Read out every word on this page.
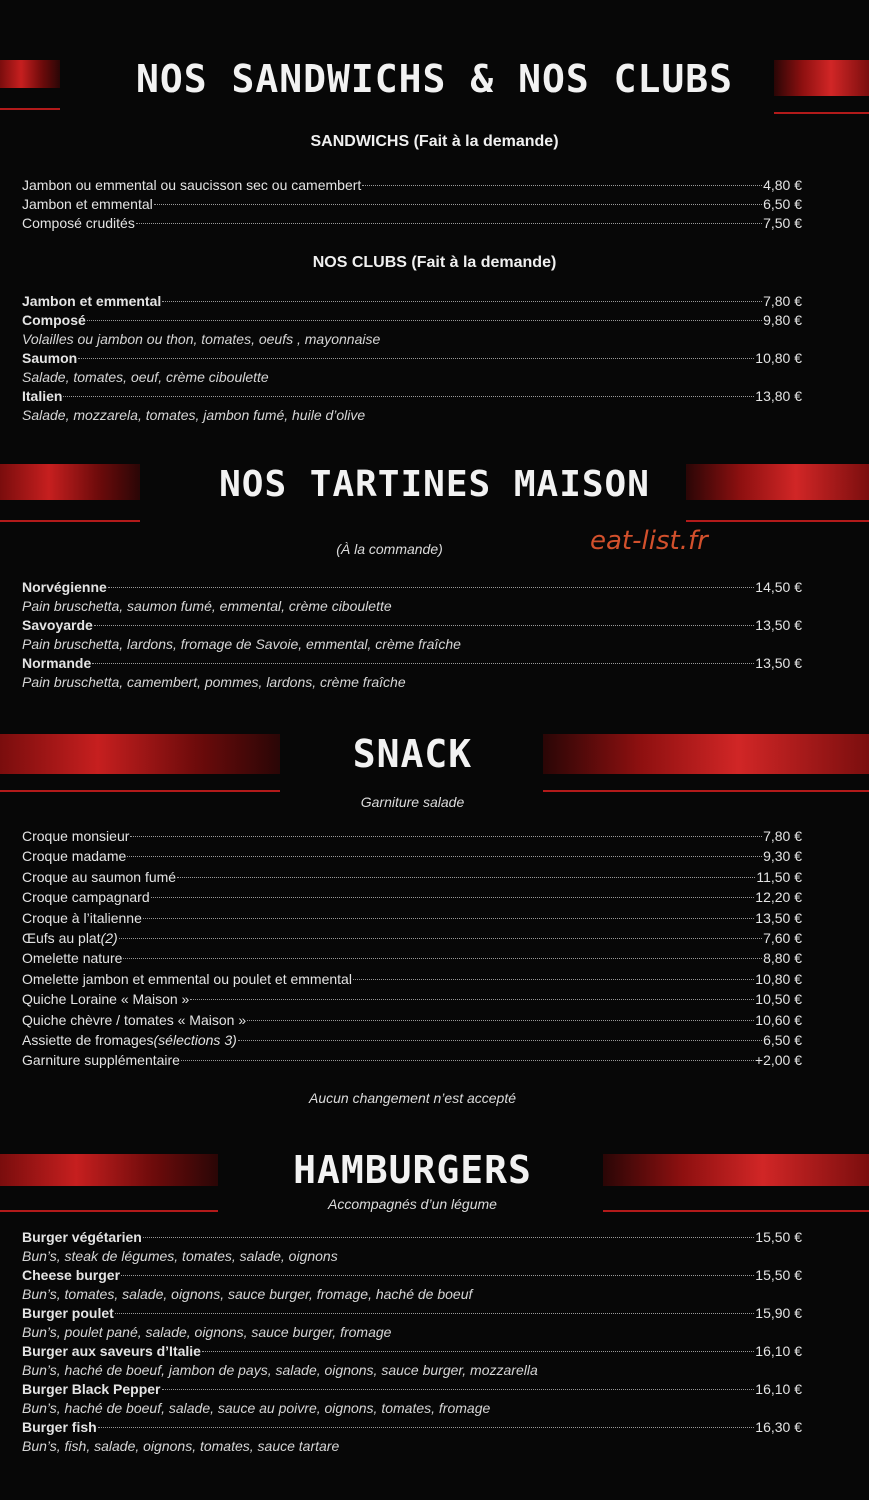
NOS SANDWICHS & NOS CLUBS
SANDWICHS (Fait à la demande)
Jambon ou emmental ou saucisson sec ou camembert	4,80 €
Jambon et emmental	6,50 €
Composé crudités	7,50 €
NOS CLUBS (Fait à la demande)
Jambon et emmental	7,80 €
Composé	9,80 €
Volailles ou jambon ou thon, tomates, oeufs , mayonnaise
Saumon	10,80 €
Salade, tomates, oeuf, crème ciboulette
Italien	13,80 €
Salade, mozzarela, tomates, jambon fumé, huile d’olive
NOS TARTINES MAISON
(À la commande)	eat-list.fr
Norvégienne	14,50 €
Pain bruschetta, saumon fumé, emmental, crème ciboulette
Savoyarde	13,50 €
Pain bruschetta, lardons, fromage de Savoie, emmental, crème fraîche
Normande	13,50 €
Pain bruschetta, camembert, pommes, lardons, crème fraîche
SNACK
Garniture salade
Croque monsieur	7,80 €
Croque madame	9,30 €
Croque au saumon fumé	11,50 €
Croque campagnard	12,20 €
Croque à l’italienne	13,50 €
Œufs au plat (2)	7,60 €
Omelette nature	8,80 €
Omelette jambon et emmental ou poulet et emmental	10,80 €
Quiche Loraine « Maison »	10,50 €
Quiche chèvre / tomates « Maison »	10,60 €
Assiette de fromages (sélections 3)	6,50 €
Garniture supplémentaire	+2,00 €
Aucun changement n’est accepté
HAMBURGERS
Accompagnés d’un légume
Burger végétarien	15,50 €
Bun’s, steak de légumes, tomates, salade, oignons
Cheese burger	15,50 €
Bun’s, tomates, salade, oignons, sauce burger, fromage, haché de boeuf
Burger poulet	15,90 €
Bun’s, poulet pané, salade, oignons, sauce burger, fromage
Burger aux saveurs d’Italie	16,10 €
Bun’s, haché de boeuf, jambon de pays, salade, oignons, sauce burger, mozzarella
Burger Black Pepper	16,10 €
Bun’s, haché de boeuf, salade, sauce au poivre, oignons, tomates, fromage
Burger fish	16,30 €
Bun’s, fish, salade, oignons, tomates, sauce tartare
